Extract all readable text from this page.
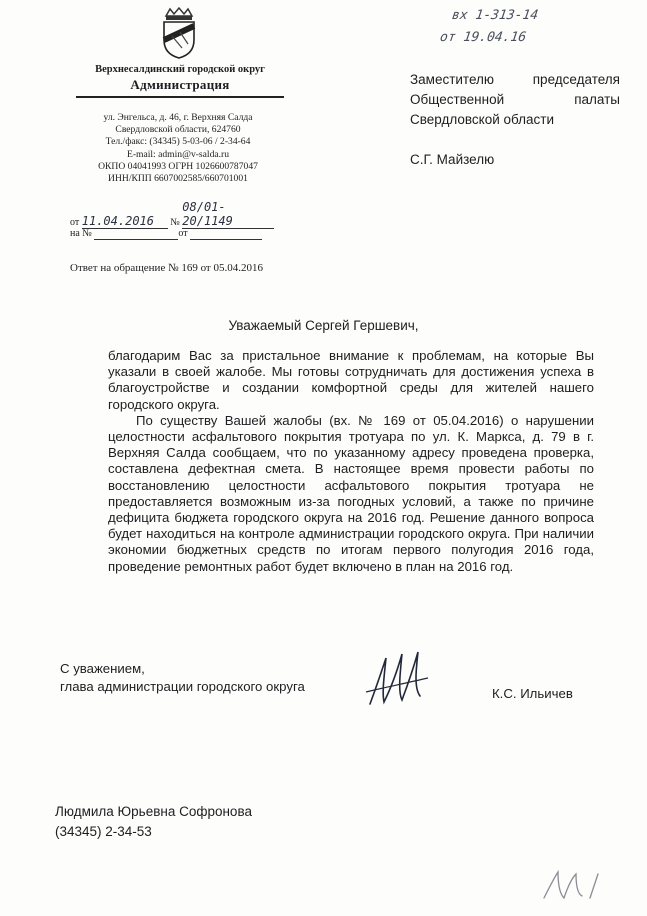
вх 1-313-14
от 19.04.16
Верхнесалдинский городской округ
Администрация
ул. Энгельса, д. 46, г. Верхняя Салда
Свердловской области, 624760
Тел./факс: (34345) 5-03-06 / 2-34-64
E-mail: admin@v-salda.ru
ОКПО 04041993 ОГРН 1026600787047
ИНН/КПП 6607002585/660701001
от 11.04.2016 № 08/01-20/1149
на №	от
Заместителю	председателя
Общественной	палаты
Свердловской области
С.Г. Майзелю
Ответ на обращение № 169 от 05.04.2016
Уважаемый Сергей Гершевич,

благодарим Вас за пристальное внимание к проблемам, на которые Вы указали в своей жалобе. Мы готовы сотрудничать для достижения успеха в благоустройстве и создании комфортной среды для жителей нашего городского округа.

По существу Вашей жалобы (вх. № 169 от 05.04.2016) о нарушении целостности асфальтового покрытия тротуара по ул. К. Маркса, д. 79 в г. Верхняя Салда сообщаем, что по указанному адресу проведена проверка, составлена дефектная смета. В настоящее время провести работы по восстановлению целостности асфальтового покрытия тротуара не предоставляется возможным из-за погодных условий, а также по причине дефицита бюджета городского округа на 2016 год. Решение данного вопроса будет находиться на контроле администрации городского округа. При наличии экономии бюджетных средств по итогам первого полугодия 2016 года, проведение ремонтных работ будет включено в план на 2016 год.

С уважением,
глава администрации городского округа	К.С. Ильичев
Людмила Юрьевна Софронова
(34345) 2-34-53
